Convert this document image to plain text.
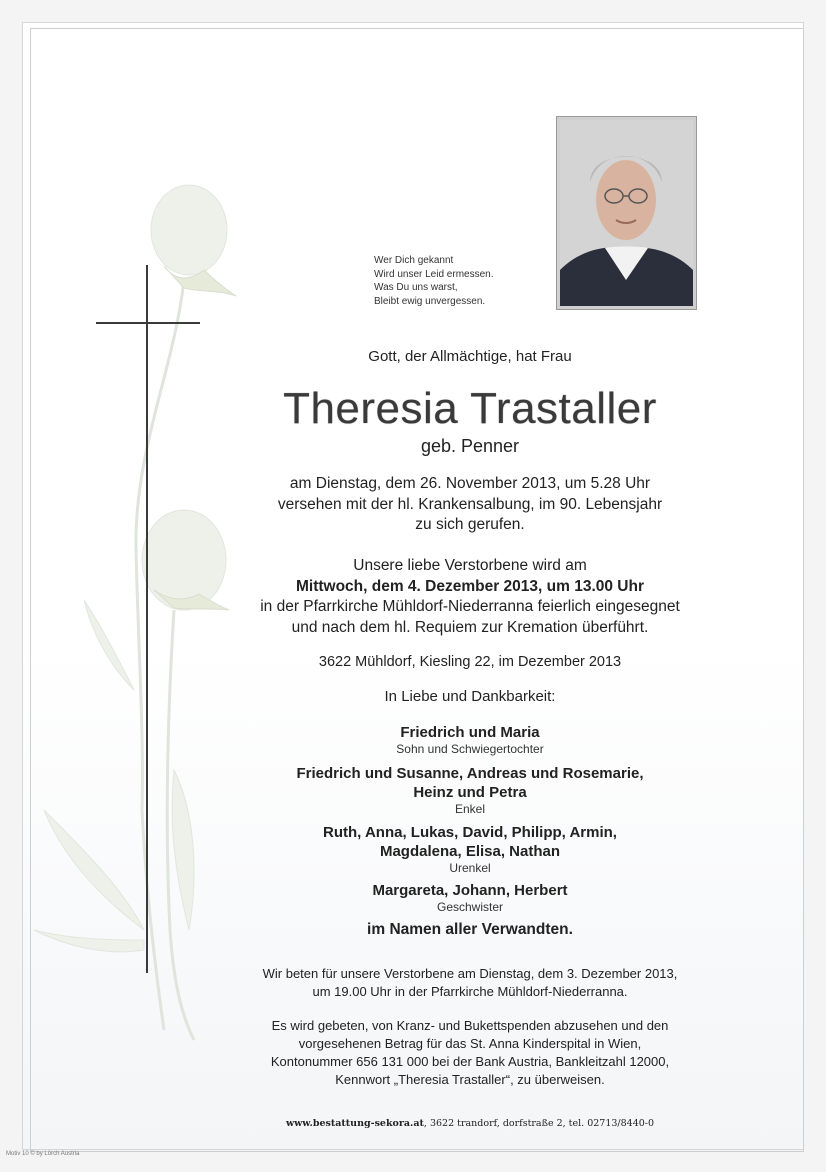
Wer Dich gekannt
Wird unser Leid ermessen.
Was Du uns warst,
Bleibt ewig unvergessen.
Gott, der Allmächtige, hat Frau
Theresia Trastaller
geb. Penner
am Dienstag, dem 26. November 2013, um 5.28 Uhr
versehen mit der hl. Krankensalbung, im 90. Lebensjahr
zu sich gerufen.
Unsere liebe Verstorbene wird am
Mittwoch, dem 4. Dezember 2013, um 13.00 Uhr
in der Pfarrkirche Mühldorf-Niederranna feierlich eingesegnet
und nach dem hl. Requiem zur Kremation überführt.
3622 Mühldorf, Kiesling 22, im Dezember 2013
In Liebe und Dankbarkeit:
Friedrich und Maria
Sohn und Schwiegertochter
Friedrich und Susanne, Andreas und Rosemarie,
Heinz und Petra
Enkel
Ruth, Anna, Lukas, David, Philipp, Armin,
Magdalena, Elisa, Nathan
Urenkel
Margareta, Johann, Herbert
Geschwister
im Namen aller Verwandten.
Wir beten für unsere Verstorbene am Dienstag, dem 3. Dezember 2013,
um 19.00 Uhr in der Pfarrkirche Mühldorf-Niederranna.
Es wird gebeten, von Kranz- und Bukettspenden abzusehen und den
vorgesehenen Betrag für das St. Anna Kinderspital in Wien,
Kontonummer 656 131 000 bei der Bank Austria, Bankleitzahl 12000,
Kennwort „Theresia Trastaller“, zu überweisen.
www.bestattung-sekora.at, 3622 trandorf, dorfstraße 2, tel. 02713/8440-0
Motiv 10 © by Lörch Austria
